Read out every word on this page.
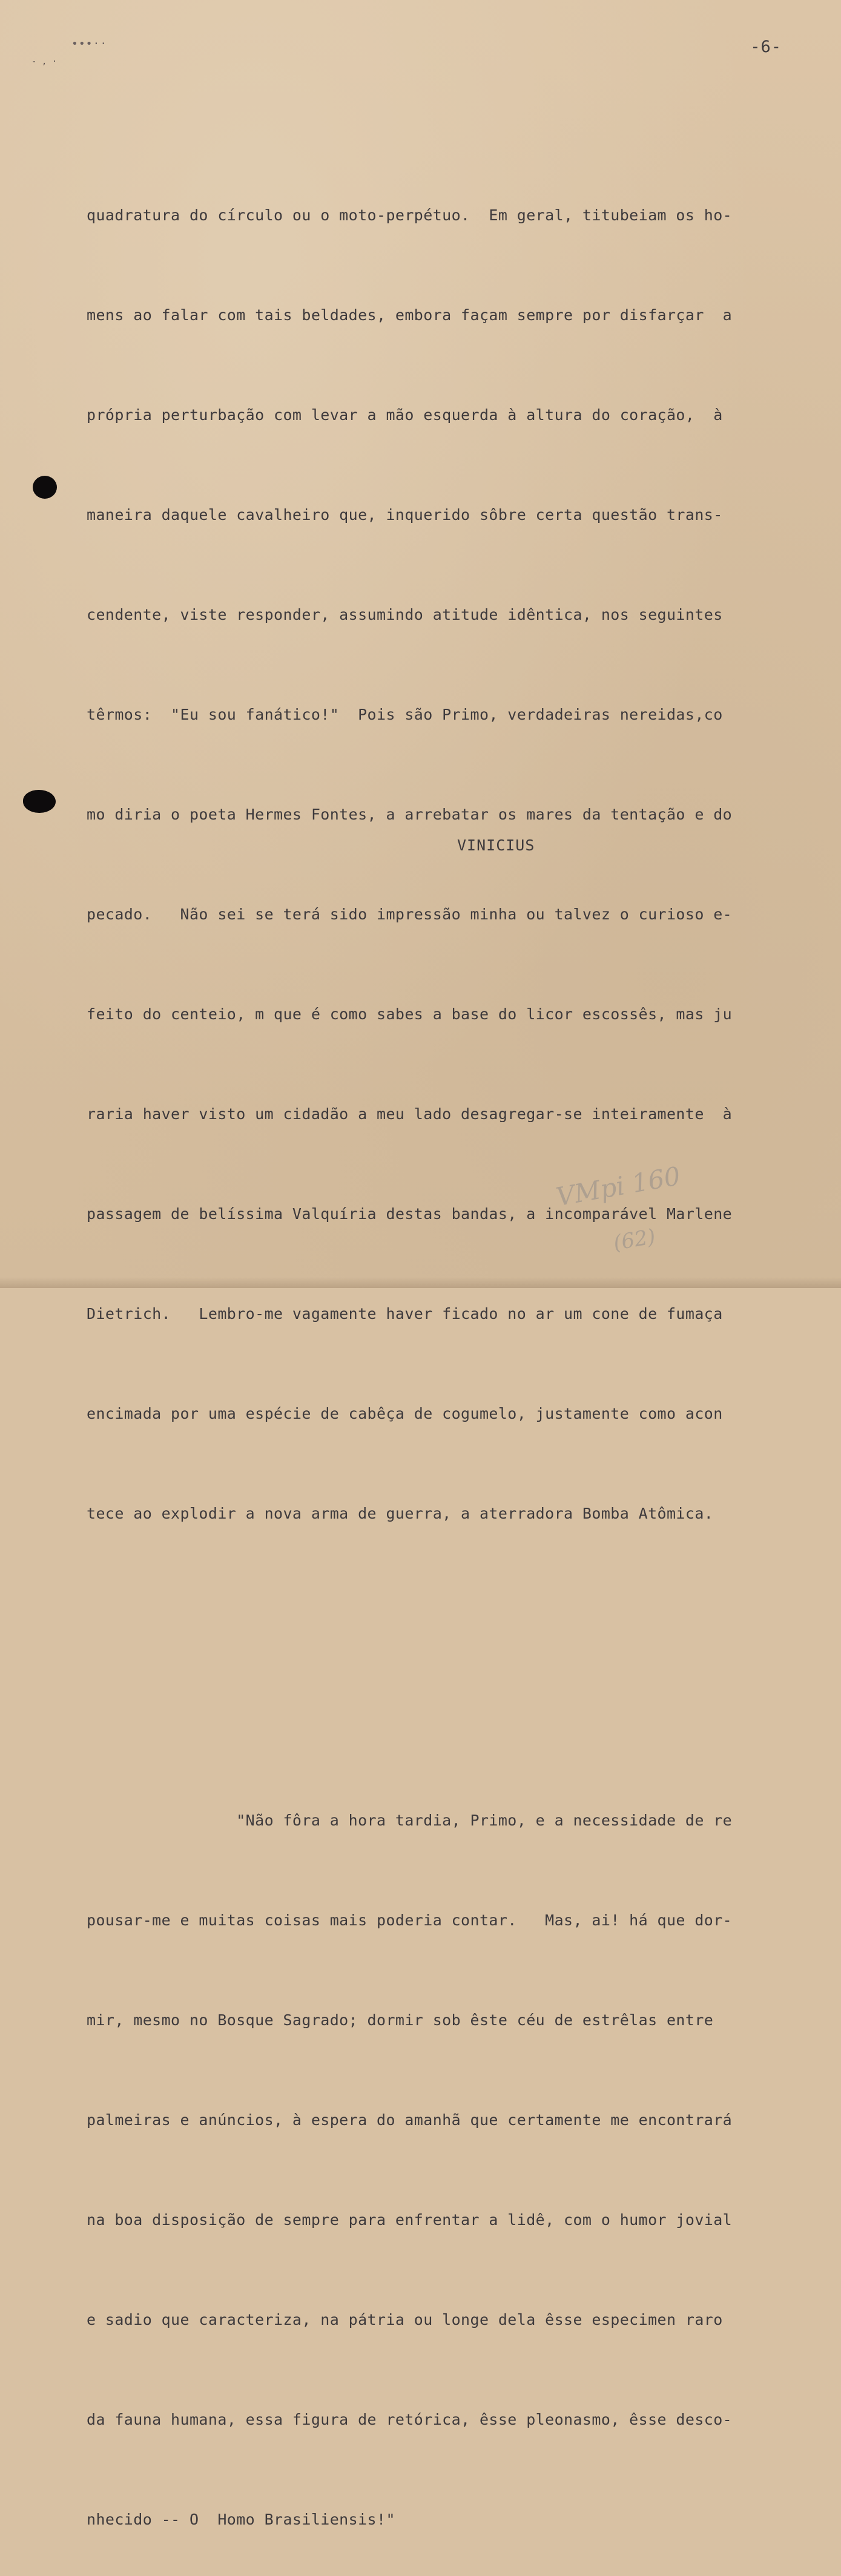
•••··
- , ·
-6-

quadratura do círculo ou o moto-perpétuo.  Em geral, titubeiam os ho-

mens ao falar com tais beldades, embora façam sempre por disfarçar  a

própria perturbação com levar a mão esquerda à altura do coração,  à

maneira daquele cavalheiro que, inquerido sôbre certa questão trans-

cendente, viste responder, assumindo atitude idêntica, nos seguintes

têrmos:  "Eu sou fanático!"  Pois são Primo, verdadeiras nereidas,co

mo diria o poeta Hermes Fontes, a arrebatar os mares da tentação e do

pecado.   Não sei se terá sido impressão minha ou talvez o curioso e-

feito do centeio, m que é como sabes a base do licor escossês, mas ju

raria haver visto um cidadão a meu lado desagregar-se inteiramente  à

passagem de belíssima Valquíria destas bandas, a incomparável Marlene

Dietrich.   Lembro-me vagamente haver ficado no ar um cone de fumaça

encimada por uma espécie de cabêça de cogumelo, justamente como acon

tece ao explodir a nova arma de guerra, a aterradora Bomba Atômica.

"Não fôra a hora tardia, Primo, e a necessidade de re

pousar-me e muitas coisas mais poderia contar.   Mas, ai! há que dor-

mir, mesmo no Bosque Sagrado; dormir sob êste céu de estrêlas entre

palmeiras e anúncios, à espera do amanhã que certamente me encontrará

na boa disposição de sempre para enfrentar a lidê, com o humor jovial

e sadio que caracteriza, na pátria ou longe dela êsse especimen raro

da fauna humana, essa figura de retórica, êsse pleonasmo, êsse desco-

nhecido -- O  Homo Brasiliensis!"

VINICIUS
VMpi 160
(62)
